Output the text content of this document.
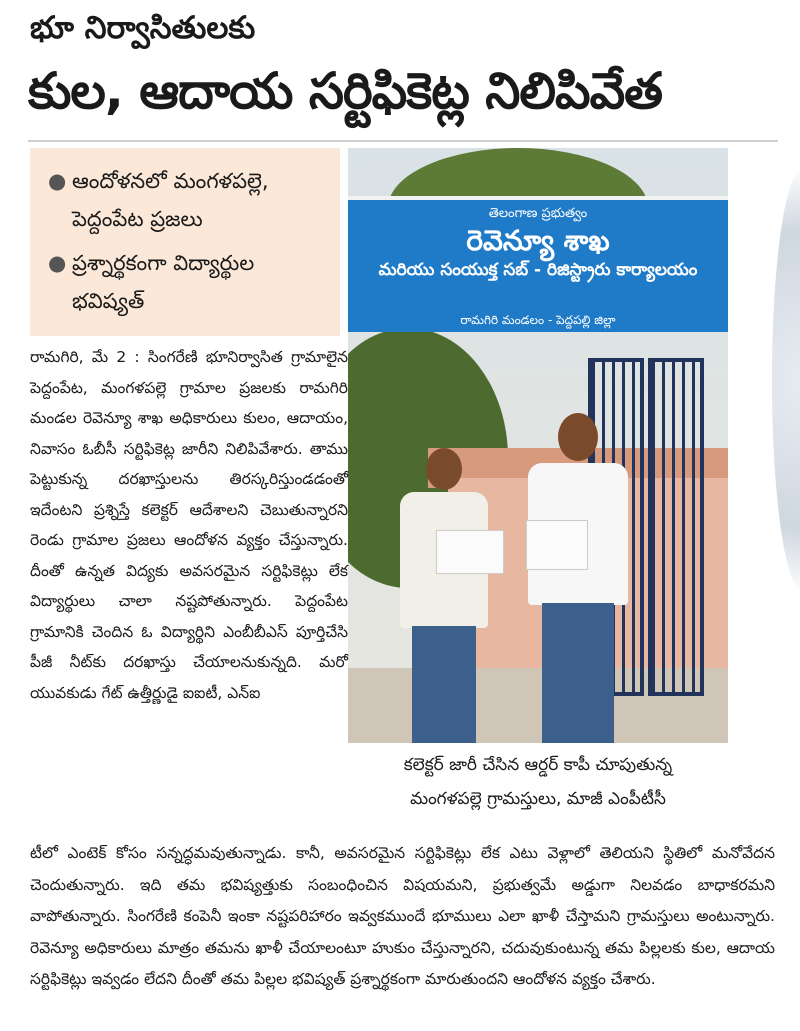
భూ నిర్వాసితులకు
కుల, ఆదాయ సర్టిఫికెట్ల నిలిపివేత
● ఆందోళనలో మంగళపల్లె, పెద్దంపేట ప్రజలు
● ప్రశ్నార్థకంగా విద్యార్థుల భవిష్యత్
తెలంగాణ ప్రభుత్వం
రెవెన్యూ శాఖ
మరియు సంయుక్త సబ్ - రిజిస్ట్రారు కార్యాలయం
రామగిరి మండలం - పెద్దపల్లి జిల్లా
కలెక్టర్ జారీ చేసిన ఆర్డర్ కాపీ చూపుతున్న
మంగళపల్లె గ్రామస్తులు, మాజీ ఎంపీటీసీ

రామగిరి, మే 2 : సింగరేణి భూనిర్వాసిత గ్రామాలైన పెద్దంపేట, మంగళపల్లె గ్రామాల ప్రజలకు రామగిరి మండల రెవెన్యూ శాఖ అధికారులు కులం, ఆదాయం, నివాసం ఓబీసీ సర్టిఫికెట్ల జారీని నిలిపివేశారు. తాము పెట్టుకున్న దరఖాస్తులను తిరస్కరిస్తుండడంతో ఇదేంటని ప్రశ్నిస్తే కలెక్టర్ ఆదేశాలని చెబుతున్నారని రెండు గ్రామాల ప్రజలు ఆందోళన వ్యక్తం చేస్తున్నారు. దీంతో ఉన్నత విద్యకు అవసరమైన సర్టిఫికెట్లు లేక విద్యార్థులు చాలా నష్టపోతున్నారు. పెద్దంపేట గ్రామానికి చెందిన ఓ విద్యార్థిని ఎంబీబీఎస్ పూర్తిచేసి పీజీ నీట్‌కు దరఖాస్తు చేయాలనుకున్నది. మరో యువకుడు గేట్ ఉత్తీర్ణుడై ఐఐటీ, ఎన్ఐ

టీలో ఎంటెక్ కోసం సన్నద్ధమవుతున్నాడు. కానీ, అవసరమైన సర్టిఫికెట్లు లేక ఎటు వెళ్లాలో తెలియని స్థితిలో మనోవేదన చెందుతున్నారు. ఇది తమ భవిష్యత్తుకు సంబంధించిన విషయమని, ప్రభుత్వమే అడ్డుగా నిలవడం బాధాకరమని వాపోతున్నారు. సింగరేణి కంపెనీ ఇంకా నష్టపరిహారం ఇవ్వకముందే భూములు ఎలా ఖాళీ చేస్తామని గ్రామస్తులు అంటున్నారు. రెవెన్యూ అధికారులు మాత్రం తమను ఖాళీ చేయాలంటూ హుకుం చేస్తున్నారని, చదువుకుంటున్న తమ పిల్లలకు కుల, ఆదాయ సర్టిఫికెట్లు ఇవ్వడం లేదని దీంతో తమ పిల్లల భవిష్యత్ ప్రశ్నార్థకంగా మారుతుందని ఆందోళన వ్యక్తం చేశారు.
